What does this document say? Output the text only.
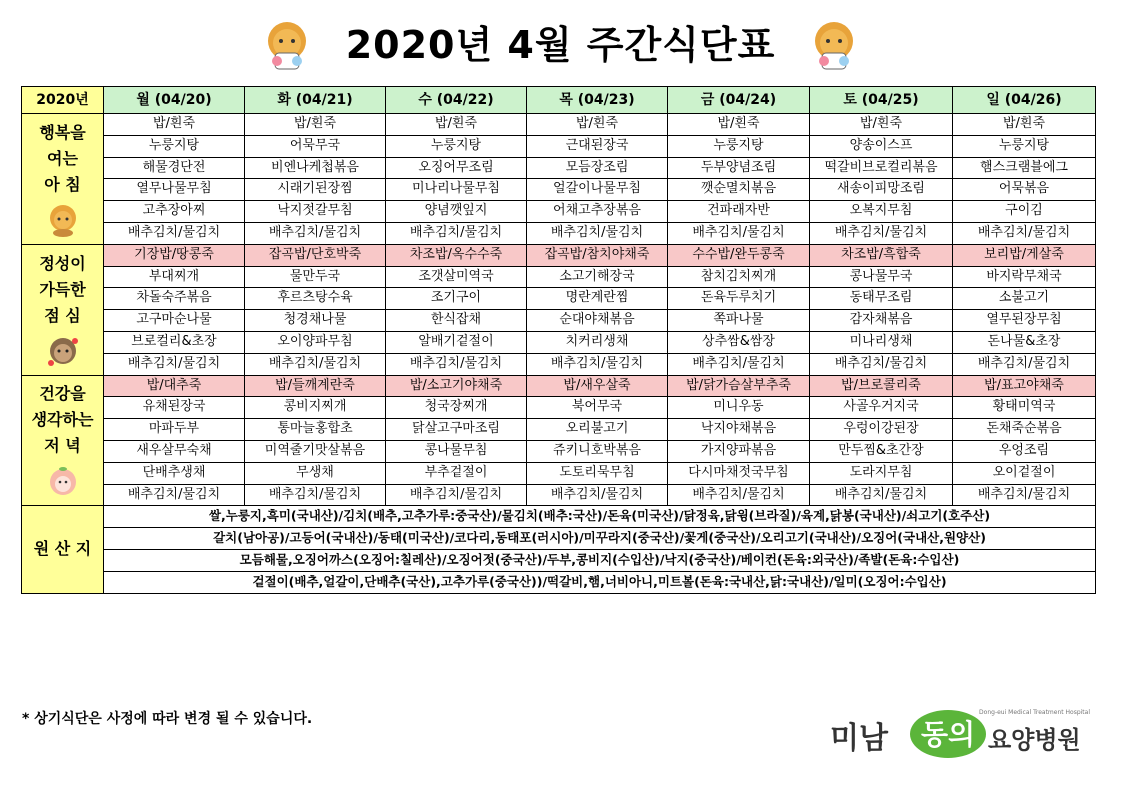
2020년 4월 주간식단표
2020년	월 (04/20)	화 (04/21)	수 (04/22)	목 (04/23)	금 (04/24)	토 (04/25)	일 (04/26)

행복을
여는
아 침	밥/흰죽	밥/흰죽	밥/흰죽	밥/흰죽	밥/흰죽	밥/흰죽	밥/흰죽
	누룽지탕	어묵무국	누룽지탕	근대된장국	누룽지탕	양송이스프	누룽지탕
	해물경단전	비엔나케첩볶음	오징어무조림	모듬장조림	두부양념조림	떡갈비브로컬리볶음	햄스크램블에그
	열무나물무침	시래기된장찜	미나리나물무침	얼갈이나물무침	깻순멸치볶음	새송이피망조림	어묵볶음
	고추장아찌	낙지젓갈무침	양념깻잎지	어채고추장볶음	건파래자반	오복지무침	구이김
	배추김치/물김치	배추김치/물김치	배추김치/물김치	배추김치/물김치	배추김치/물김치	배추김치/물김치	배추김치/물김치

정성이
가득한
점 심	기장밥/땅콩죽	잡곡밥/단호박죽	차조밥/옥수수죽	잡곡밥/참치야채죽	수수밥/완두콩죽	차조밥/흑합죽	보리밥/게살죽
	부대찌개	물만두국	조갯살미역국	소고기해장국	참치김치찌개	콩나물무국	바지락무채국
	차돌숙주볶음	후르츠탕수육	조기구이	명란계란찜	돈육두루치기	동태무조림	소불고기
	고구마순나물	청경채나물	한식잡채	순대야채볶음	쪽파나물	감자채볶음	열무된장무침
	브로컬리&초장	오이양파무침	알배기겉절이	치커리생채	상추쌈&쌈장	미나리생채	돈나물&초장
	배추김치/물김치	배추김치/물김치	배추김치/물김치	배추김치/물김치	배추김치/물김치	배추김치/물김치	배추김치/물김치

건강을
생각하는
저 녁	밥/대추죽	밥/들깨계란죽	밥/소고기야채죽	밥/새우살죽	밥/닭가슴살부추죽	밥/브로콜리죽	밥/표고야채죽
	유채된장국	콩비지찌개	청국장찌개	북어무국	미니우동	사골우거지국	황태미역국
	마파두부	통마늘홍합초	닭살고구마조림	오리불고기	낙지야채볶음	우렁이강된장	돈채죽순볶음
	새우살무숙채	미역줄기맛살볶음	콩나물무침	쥬키니호박볶음	가지양파볶음	만두찜&초간장	우엉조림
	단배추생채	무생채	부추겉절이	도토리묵무침	다시마채젓국무침	도라지무침	오이겉절이
	배추김치/물김치	배추김치/물김치	배추김치/물김치	배추김치/물김치	배추김치/물김치	배추김치/물김치	배추김치/물김치
원 산 지	쌀,누룽지,흑미(국내산)/김치(배추,고추가루:중국산)/물김치(배추:국산)/돈육(미국산)/닭정육,닭윙(브라질)/육계,닭봉(국내산)/쇠고기(호주산)						
	갈치(남아공)/고등어(국내산)/동태(미국산)/코다리,동태포(러시아)/미꾸라지(중국산)/꽃게(중국산)/오리고기(국내산)/오징어(국내산,원양산)						
	모듬해물,오징어까스(오징어:칠레산)/오징어젓(중국산)/두부,콩비지(수입산)/낙지(중국산)/베이컨(돈육:외국산)/족발(돈육:수입산)						
	겉절이(배추,얼갈이,단배추(국산),고추가루(중국산))/떡갈비,햄,너비아니,미트볼(돈육:국내산,닭:국내산)/일미(오징어:수입산)						
* 상기식단은 사정에 따라 변경 될 수 있습니다.
미남 동의 요양병원
Dong-eui Medical Treatment Hospital
